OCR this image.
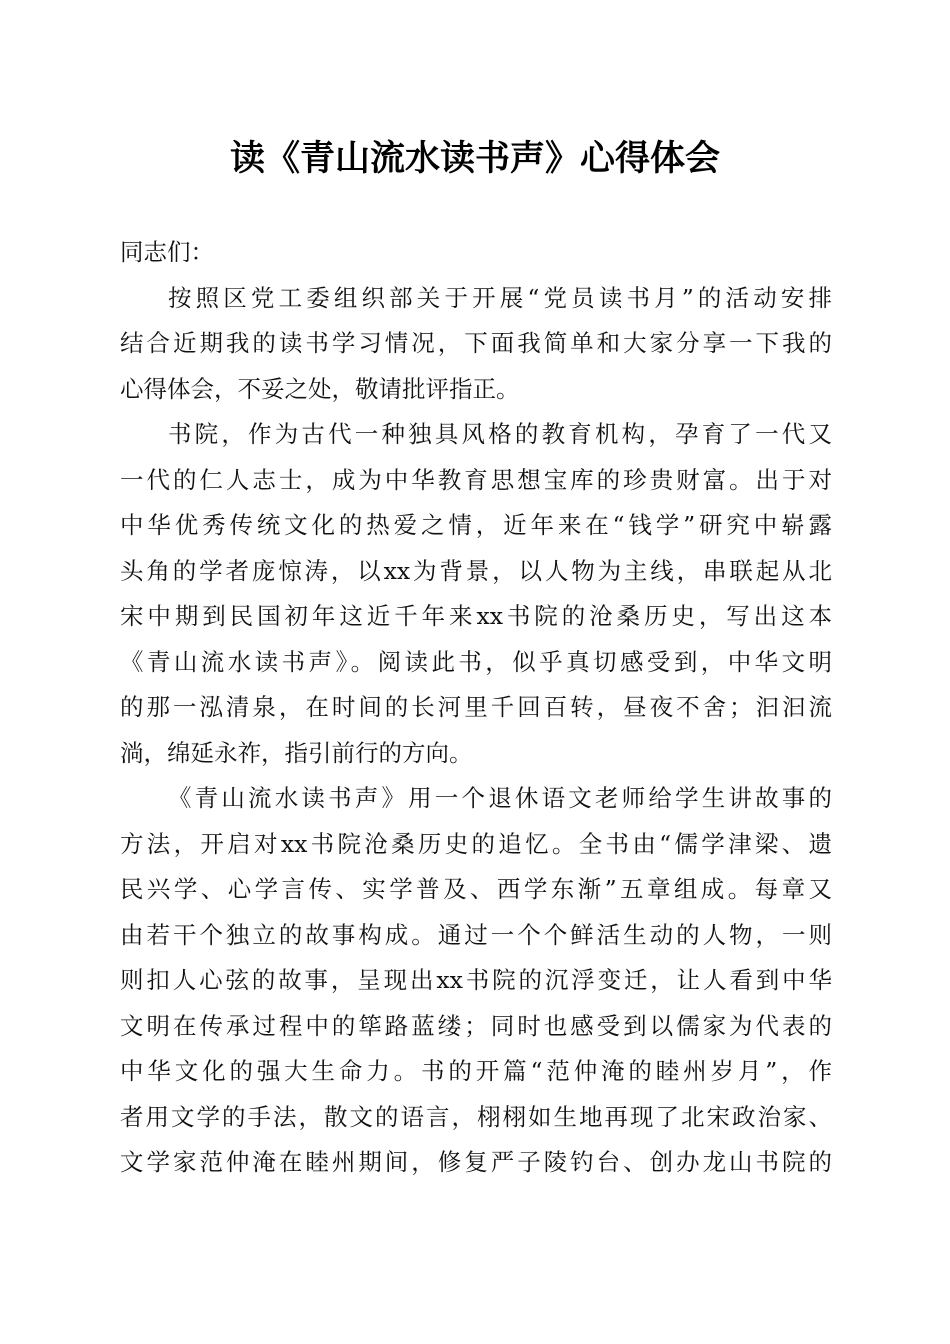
读《青山流水读书声》心得体会

同志们：

按照区党工委组织部关于开展“党员读书月”的活动安排
结合近期我的读书学习情况，下面我简单和大家分享一下我的
心得体会，不妥之处，敬请批评指正。

书院，作为古代一种独具风格的教育机构，孕育了一代又
一代的仁人志士，成为中华教育思想宝库的珍贵财富。出于对
中华优秀传统文化的热爱之情，近年来在“钱学”研究中崭露
头角的学者庞惊涛，以xx为背景，以人物为主线，串联起从北
宋中期到民国初年这近千年来xx书院的沧桑历史，写出这本
《青山流水读书声》。阅读此书，似乎真切感受到，中华文明
的那一泓清泉，在时间的长河里千回百转，昼夜不舍；汩汩流
淌，绵延永祚，指引前行的方向。

《青山流水读书声》用一个退休语文老师给学生讲故事的
方法，开启对xx书院沧桑历史的追忆。全书由“儒学津梁、遗
民兴学、心学言传、实学普及、西学东渐”五章组成。每章又
由若干个独立的故事构成。通过一个个鲜活生动的人物，一则
则扣人心弦的故事，呈现出xx书院的沉浮变迁，让人看到中华
文明在传承过程中的筚路蓝缕；同时也感受到以儒家为代表的
中华文化的强大生命力。书的开篇“范仲淹的睦州岁月”，作
者用文学的手法，散文的语言，栩栩如生地再现了北宋政治家、
文学家范仲淹在睦州期间，修复严子陵钓台、创办龙山书院的
